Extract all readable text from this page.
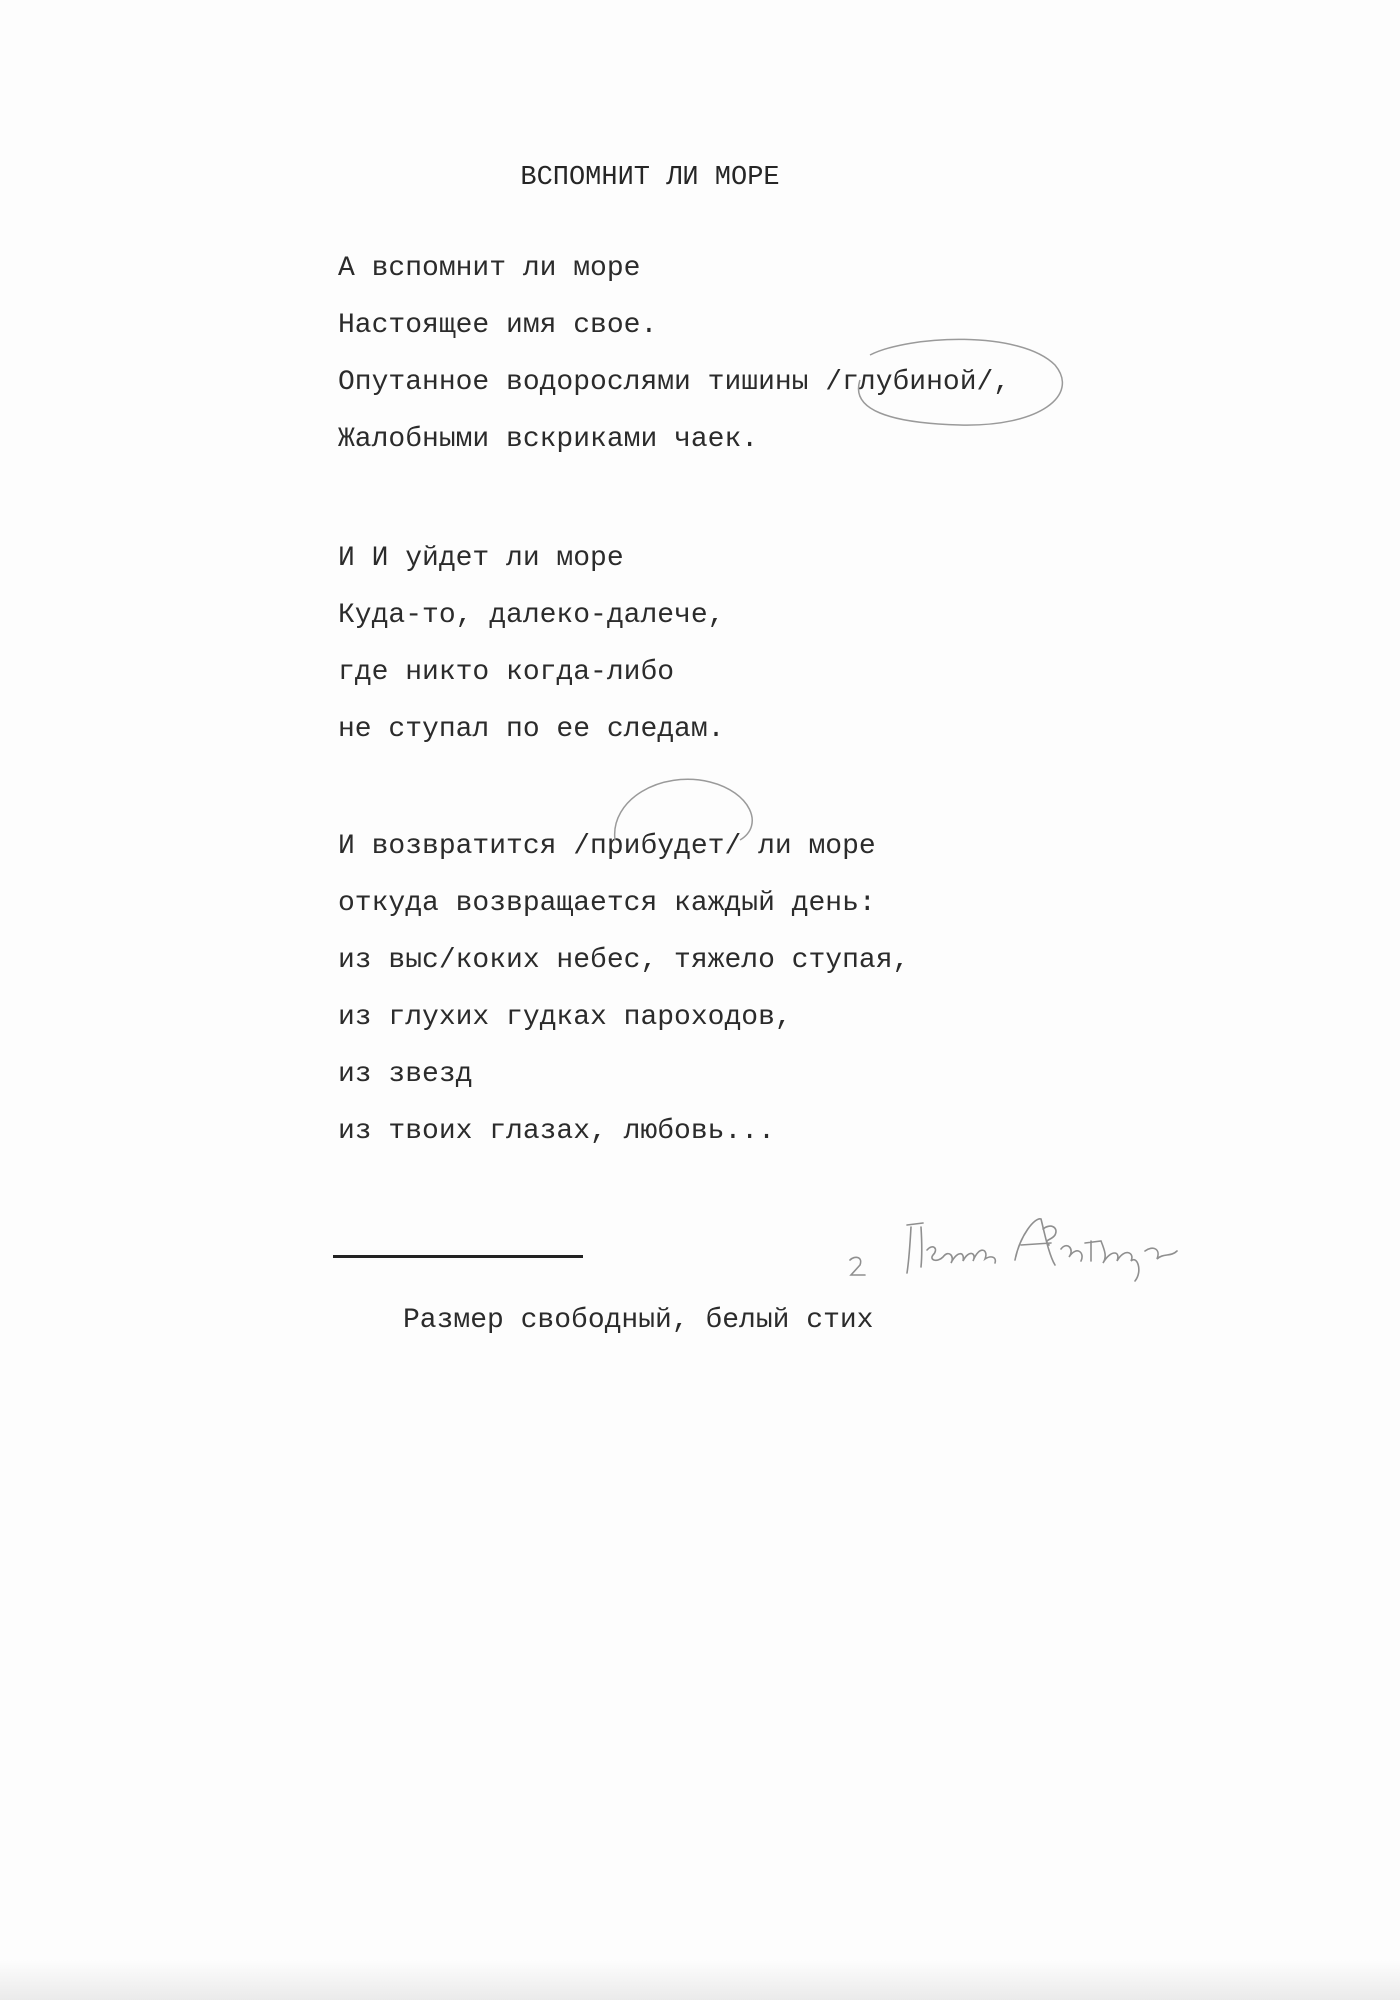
ВСПОМНИТ ЛИ МОРЕ
А вспомнит ли море
Настоящее имя свое.
Опутанное водорослями тишины /глубиной/,
Жалобными вскриками чаек.
И И уйдет ли море
Куда-то, далеко-далече,
где никто когда-либо
не ступал по ее следам.
И возвратится /прибудет/ ли море
откуда возвращается каждый день:
из выс/коких небес, тяжело ступая,
из глухих гудках пароходов,
из звезд
из твоих глазах, любовь...
Размер свободный, белый стих
